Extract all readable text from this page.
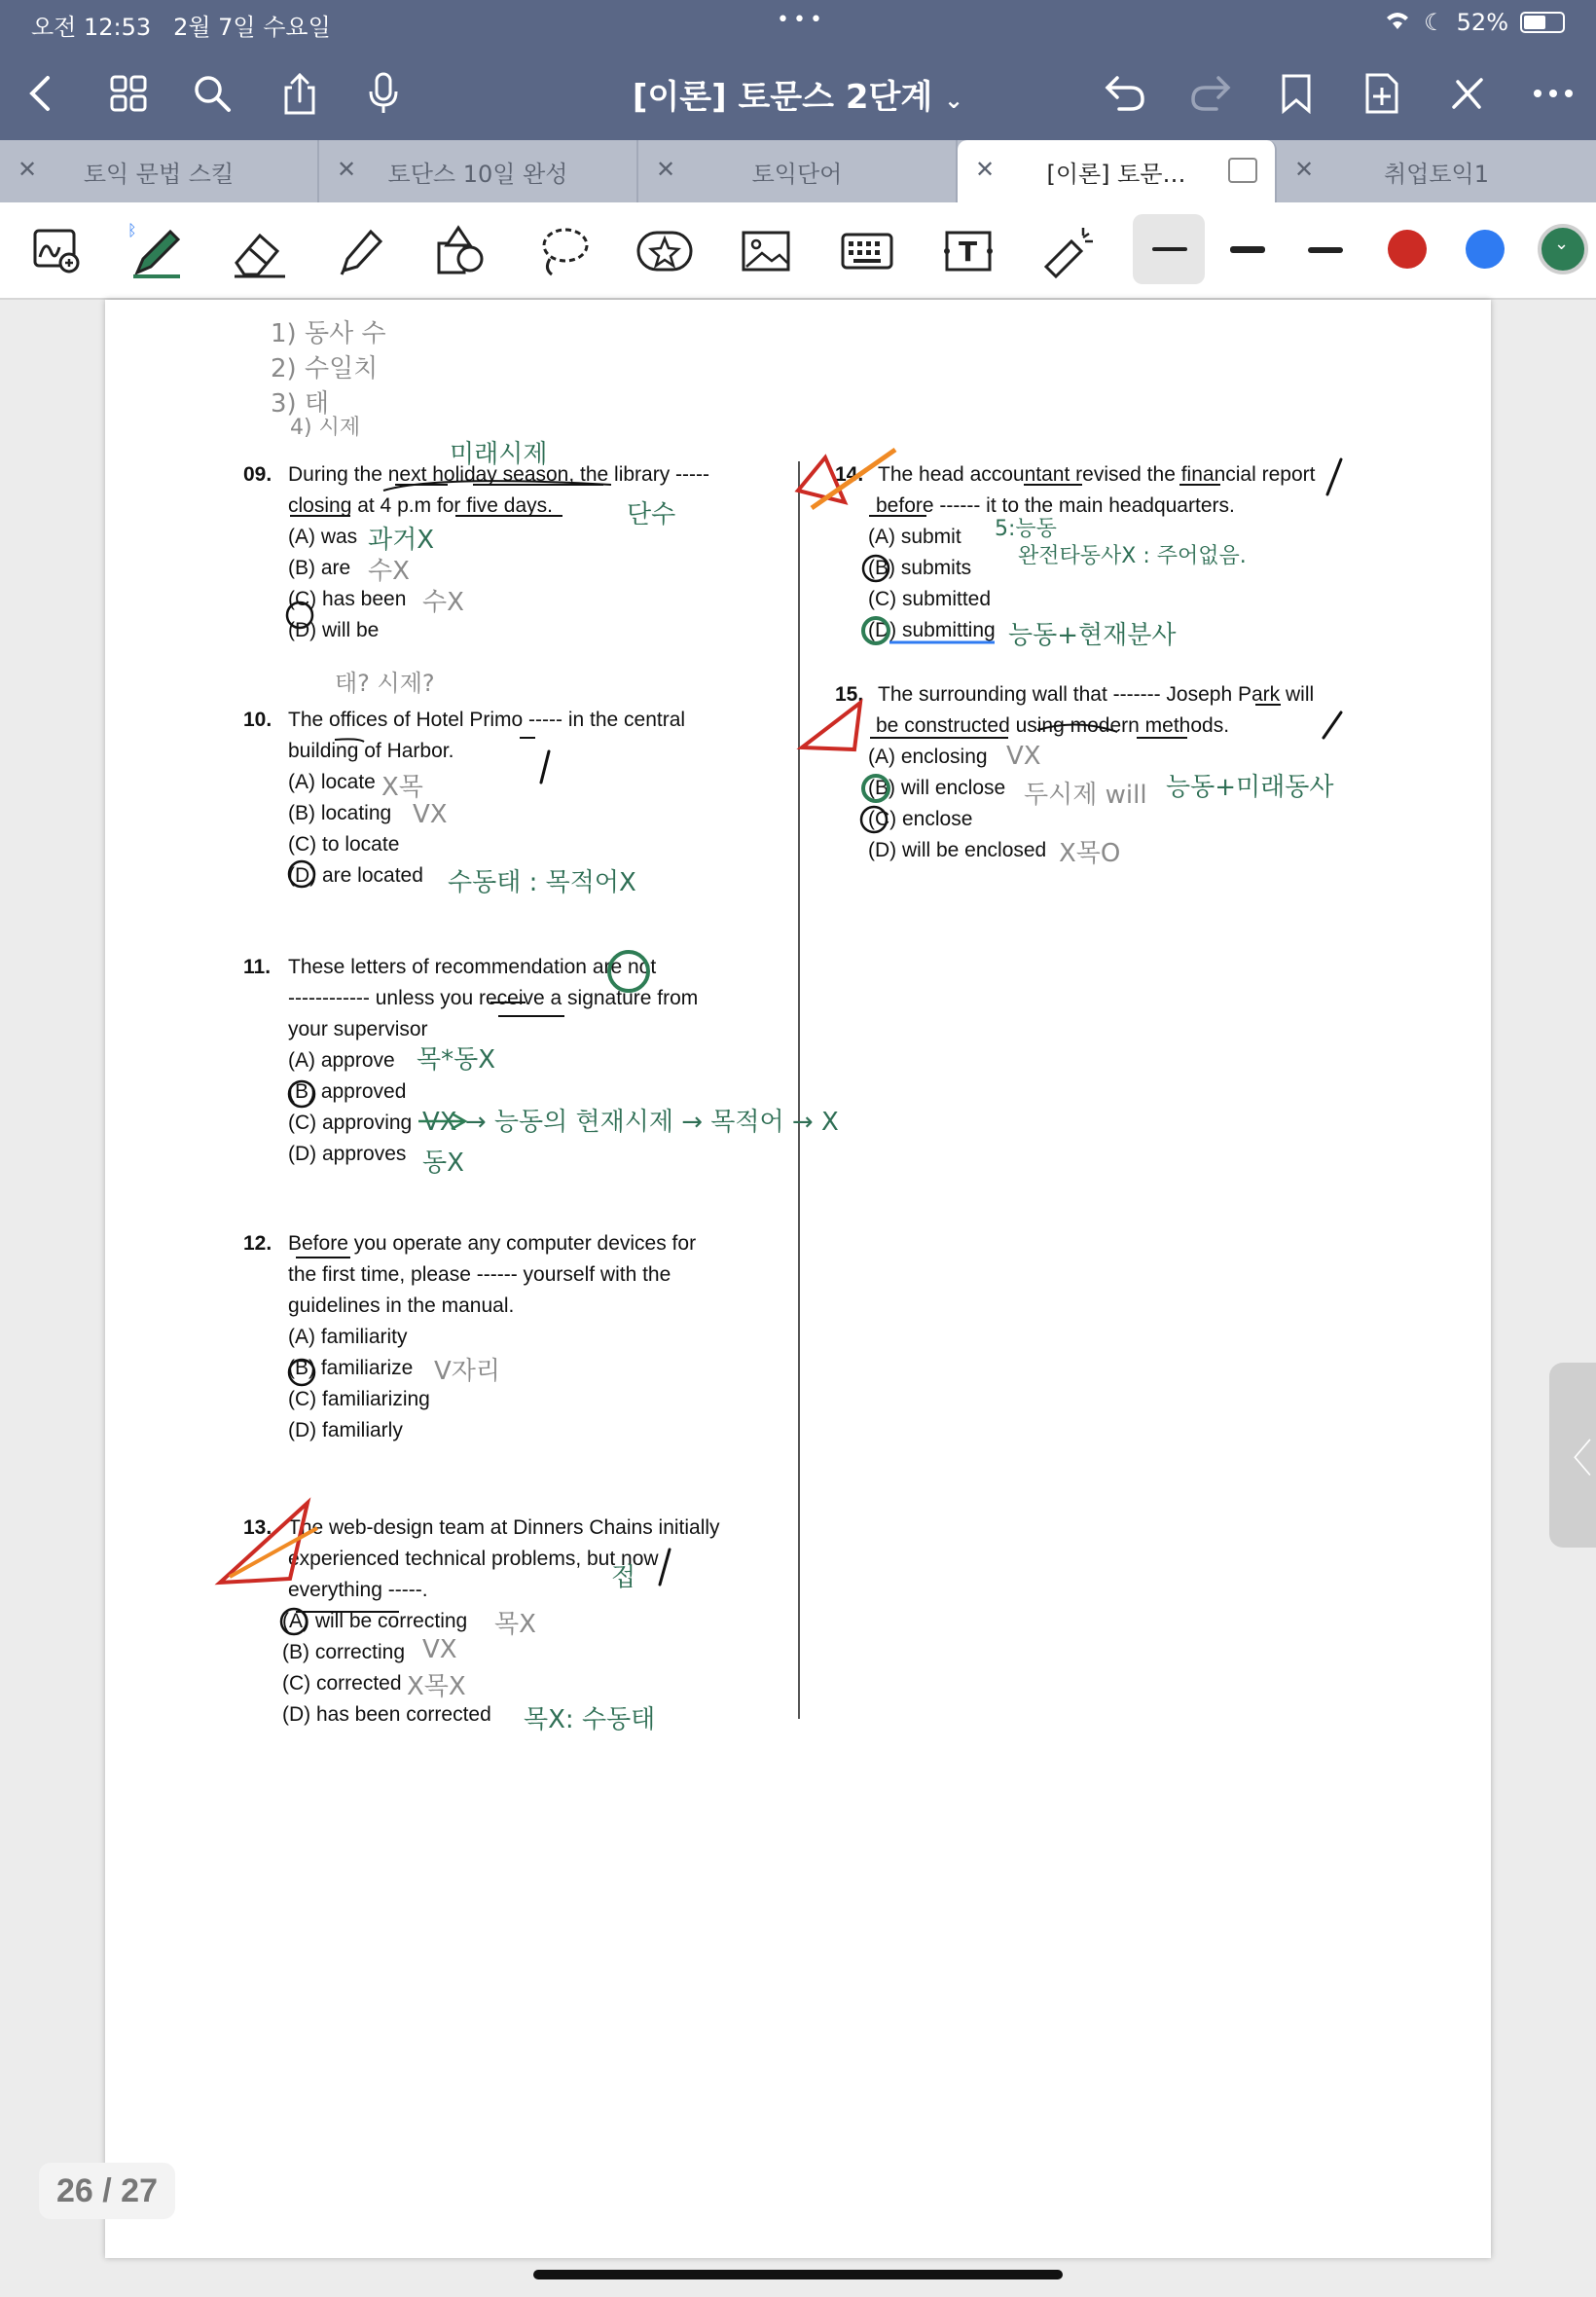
오전 12:53 2월 7일 수요일	•••	☾ 52%
[이론] 토문스 2단계 ⌄
✕ 토익 문법 스킬	✕ 토단스 10일 완성	✕	토익단어	✕ [이론] 토문…	✕	취업토익1
ᛒ
T	⌄
1) 동사 수
2) 수일치
3) 태
4) 시제
09. During the next holiday season, the library -----
closing at 4 p.m for five days.
(A) was
(B) are
(C) has been
(D) will be
미래시제
단수
과거X
수X
수X
태? 시제?
10. The offices of Hotel Primo ----- in the central
building of Harbor.
(A) locate
(B) locating
(C) to locate
(D) are located
X목
VX
수동태 : 목적어X
11. These letters of recommendation are not
------------ unless you receive a signature from
your supervisor
(A) approve
(B) approved
(C) approving
(D) approves
목*동X
VX → 능동의 현재시제 → 목적어 → X
동X
12. Before you operate any computer devices for
the first time, please ------ yourself with the
guidelines in the manual.
(A) familiarity
(B) familiarize
(C) familiarizing
(D) familiarly
V자리
13. The web-design team at Dinners Chains initially
experienced technical problems, but now
everything -----.
(A) will be correcting
(B) correcting
(C) corrected
(D) has been corrected
접
목X
VX
X목X
목X: 수동태
14. The head accountant revised the financial report
before ------ it to the main headquarters.
(A) submit
(B) submits
(C) submitted
(D) submitting
5:능동
완전타동사X : 주어없음.
능동+현재분사
15. The surrounding wall that ------- Joseph Park will
be constructed using modern methods.
(A) enclosing
(B) will enclose
(C) enclose
(D) will be enclosed
VX
두시제 will 능동+미래동사
X목O
〈
26 / 27
